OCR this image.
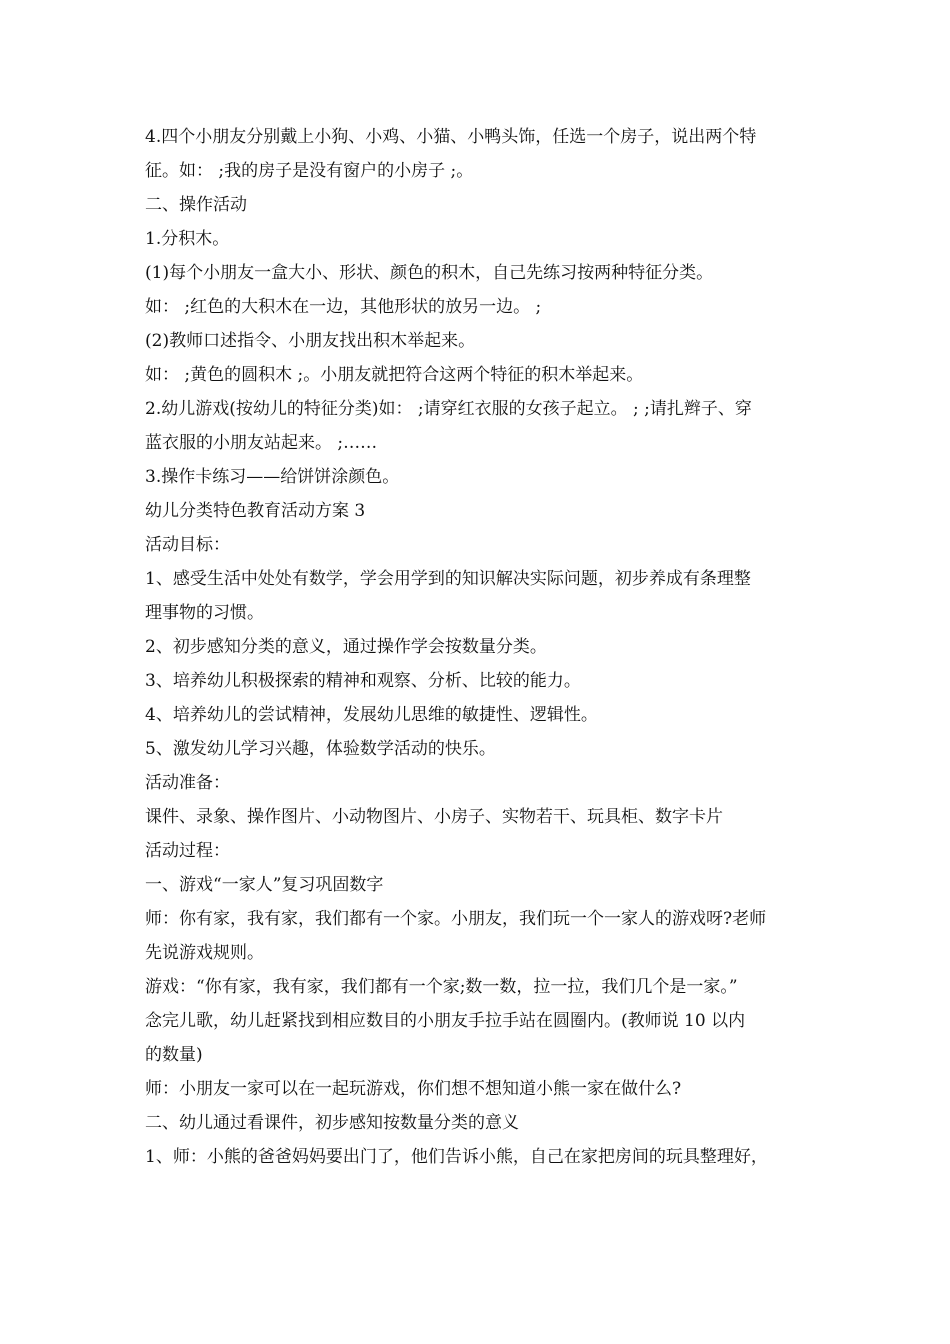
4.四个小朋友分别戴上小狗、小鸡、小猫、小鸭头饰，任选一个房子，说出两个特
征。如： ;我的房子是没有窗户的小房子 ;。
二、操作活动
1.分积木。
(1)每个小朋友一盒大小、形状、颜色的积木，自己先练习按两种特征分类。
如： ;红色的大积木在一边，其他形状的放另一边。 ;
(2)教师口述指令、小朋友找出积木举起来。
如： ;黄色的圆积木 ;。小朋友就把符合这两个特征的积木举起来。
2.幼儿游戏(按幼儿的特征分类)如： ;请穿红衣服的女孩子起立。 ; ;请扎辫子、穿
蓝衣服的小朋友站起来。 ;……
3.操作卡练习——给饼饼涂颜色。
幼儿分类特色教育活动方案 3
活动目标：
1、感受生活中处处有数学，学会用学到的知识解决实际问题，初步养成有条理整
理事物的习惯。
2、初步感知分类的意义，通过操作学会按数量分类。
3、培养幼儿积极探索的精神和观察、分析、比较的能力。
4、培养幼儿的尝试精神，发展幼儿思维的敏捷性、逻辑性。
5、激发幼儿学习兴趣，体验数学活动的快乐。
活动准备：
课件、录象、操作图片、小动物图片、小房子、实物若干、玩具柜、数字卡片
活动过程：
一、游戏“一家人”复习巩固数字
师：你有家，我有家，我们都有一个家。小朋友，我们玩一个一家人的游戏呀?老师
先说游戏规则。
游戏：“你有家，我有家，我们都有一个家;数一数，拉一拉，我们几个是一家。”
念完儿歌，幼儿赶紧找到相应数目的小朋友手拉手站在圆圈内。(教师说 10 以内
的数量)
师：小朋友一家可以在一起玩游戏，你们想不想知道小熊一家在做什么?
二、幼儿通过看课件，初步感知按数量分类的意义
1、师：小熊的爸爸妈妈要出门了，他们告诉小熊，自己在家把房间的玩具整理好，
